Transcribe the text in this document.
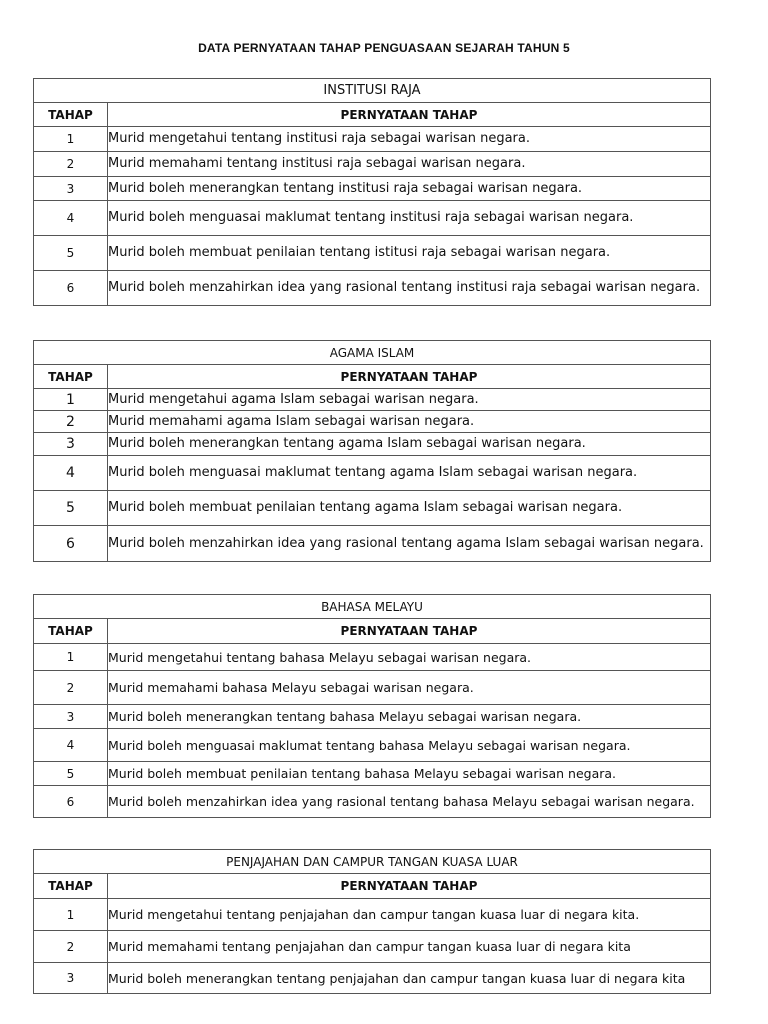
DATA PERNYATAAN TAHAP PENGUASAAN SEJARAH TAHUN 5
INSTITUSI RAJA	
TAHAP	PERNYATAAN TAHAP
1	Murid mengetahui tentang institusi raja sebagai warisan negara.
2	Murid memahami tentang institusi raja sebagai warisan negara.
3	Murid boleh menerangkan tentang institusi raja sebagai warisan negara.
4	Murid boleh menguasai maklumat tentang institusi raja sebagai warisan negara.
5	Murid boleh membuat penilaian tentang istitusi raja sebagai warisan negara.
6	Murid boleh menzahirkan idea yang rasional tentang institusi raja sebagai warisan negara.
AGAMA ISLAM	
TAHAP	PERNYATAAN TAHAP
1	Murid mengetahui agama Islam sebagai warisan negara.
2	Murid memahami agama Islam sebagai warisan negara.
3	Murid boleh menerangkan tentang agama Islam sebagai warisan negara.
4	Murid boleh menguasai maklumat tentang agama Islam sebagai warisan negara.
5	Murid boleh membuat penilaian tentang agama Islam sebagai warisan negara.
6	Murid boleh menzahirkan idea yang rasional tentang agama Islam sebagai warisan negara.
BAHASA MELAYU	
TAHAP	PERNYATAAN TAHAP
1	Murid mengetahui tentang bahasa Melayu sebagai warisan negara.
2	Murid memahami bahasa Melayu sebagai warisan negara.
3	Murid boleh menerangkan tentang bahasa Melayu sebagai warisan negara.
4	Murid boleh menguasai maklumat tentang bahasa Melayu sebagai warisan negara.
5	Murid boleh membuat penilaian tentang bahasa Melayu sebagai warisan negara.
6	Murid boleh menzahirkan idea yang rasional tentang bahasa Melayu sebagai warisan negara.
PENJAJAHAN DAN CAMPUR TANGAN KUASA LUAR	
TAHAP	PERNYATAAN TAHAP
1	Murid mengetahui tentang penjajahan dan campur tangan kuasa luar di negara kita.
2	Murid memahami tentang penjajahan dan campur tangan kuasa luar di negara kita
3	Murid boleh menerangkan tentang penjajahan dan campur tangan kuasa luar di negara kita
